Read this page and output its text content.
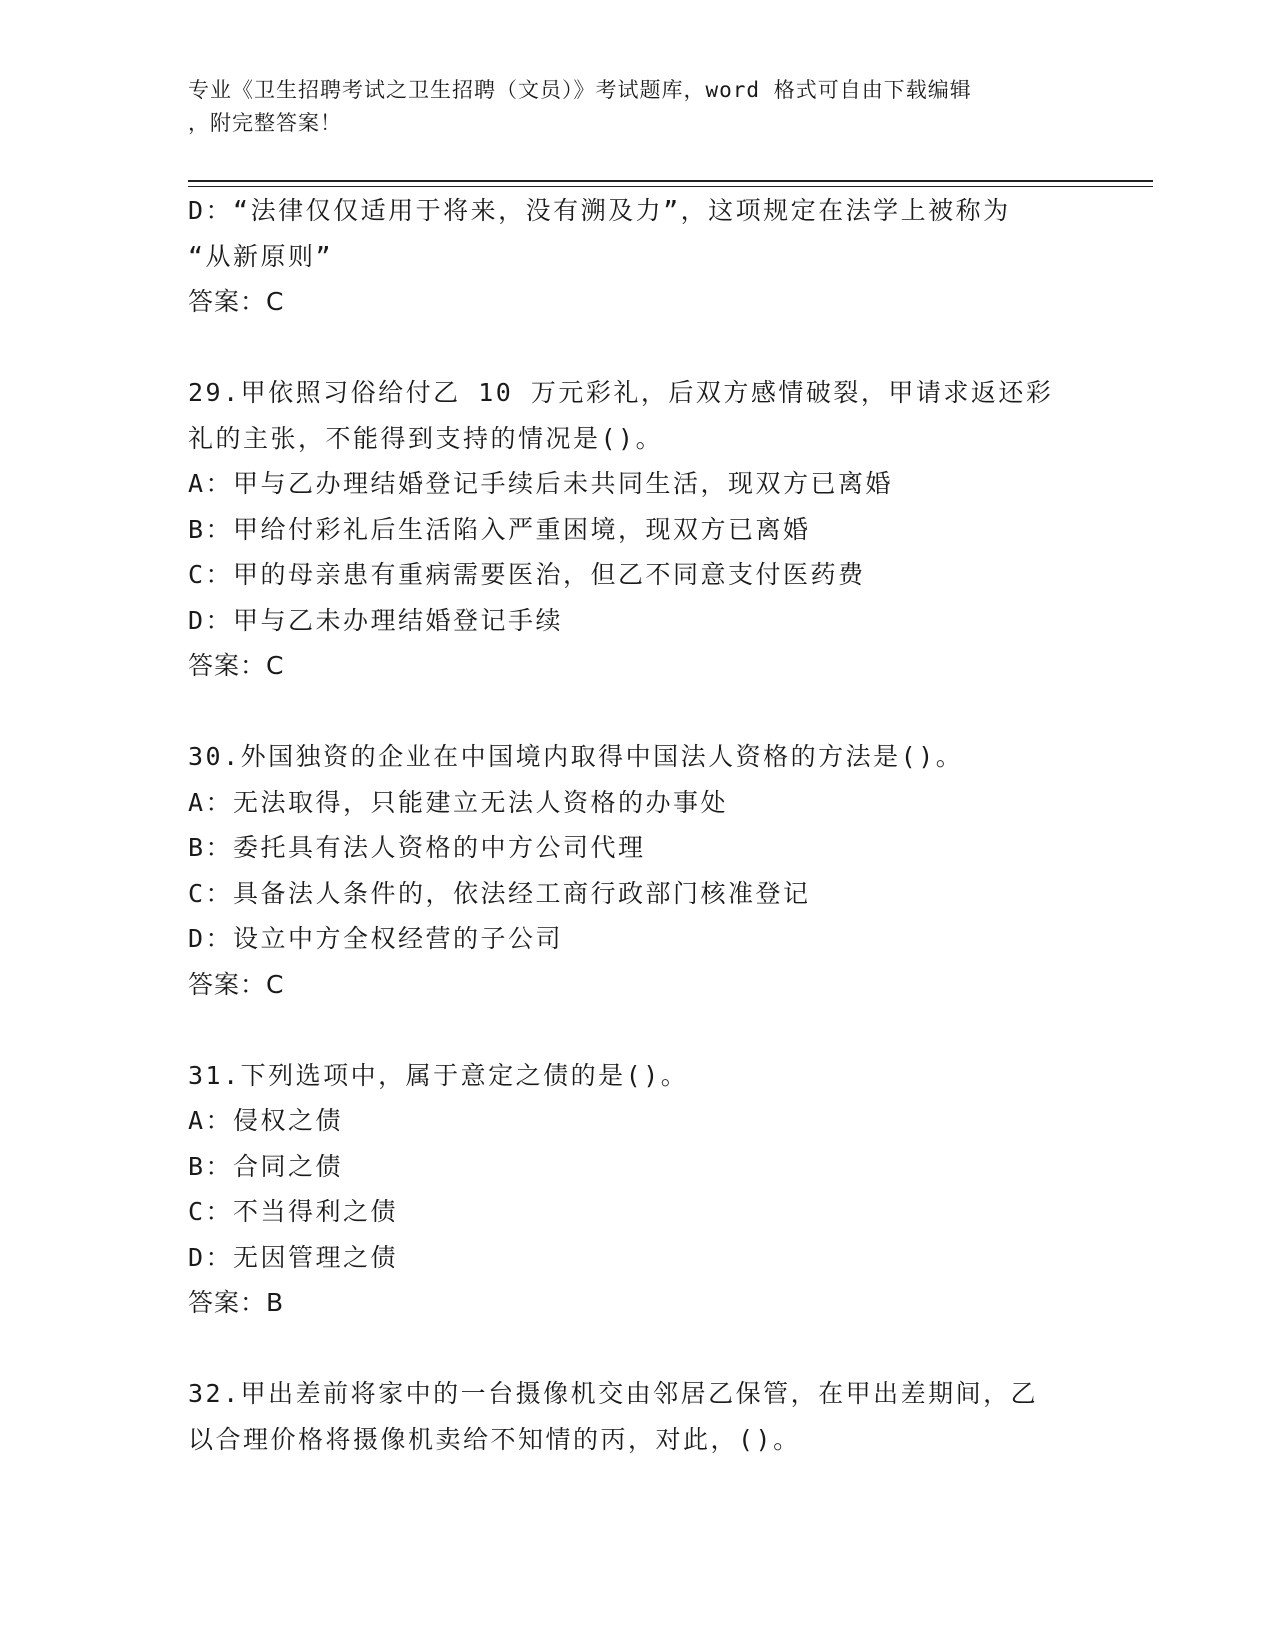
专业《卫生招聘考试之卫生招聘（文员）》考试题库，word 格式可自由下载编辑
，附完整答案！
D：“法律仅仅适用于将来，没有溯及力”，这项规定在法学上被称为
“从新原则”
答案：C
29.甲依照习俗给付乙 10 万元彩礼，后双方感情破裂，甲请求返还彩
礼的主张，不能得到支持的情况是()。
A：甲与乙办理结婚登记手续后未共同生活，现双方已离婚
B：甲给付彩礼后生活陷入严重困境，现双方已离婚
C：甲的母亲患有重病需要医治，但乙不同意支付医药费
D：甲与乙未办理结婚登记手续
答案：C
30.外国独资的企业在中国境内取得中国法人资格的方法是()。
A：无法取得，只能建立无法人资格的办事处
B：委托具有法人资格的中方公司代理
C：具备法人条件的，依法经工商行政部门核准登记
D：设立中方全权经营的子公司
答案：C
31.下列选项中，属于意定之债的是()。
A：侵权之债
B：合同之债
C：不当得利之债
D：无因管理之债
答案：B
32.甲出差前将家中的一台摄像机交由邻居乙保管，在甲出差期间，乙
以合理价格将摄像机卖给不知情的丙，对此，()。
